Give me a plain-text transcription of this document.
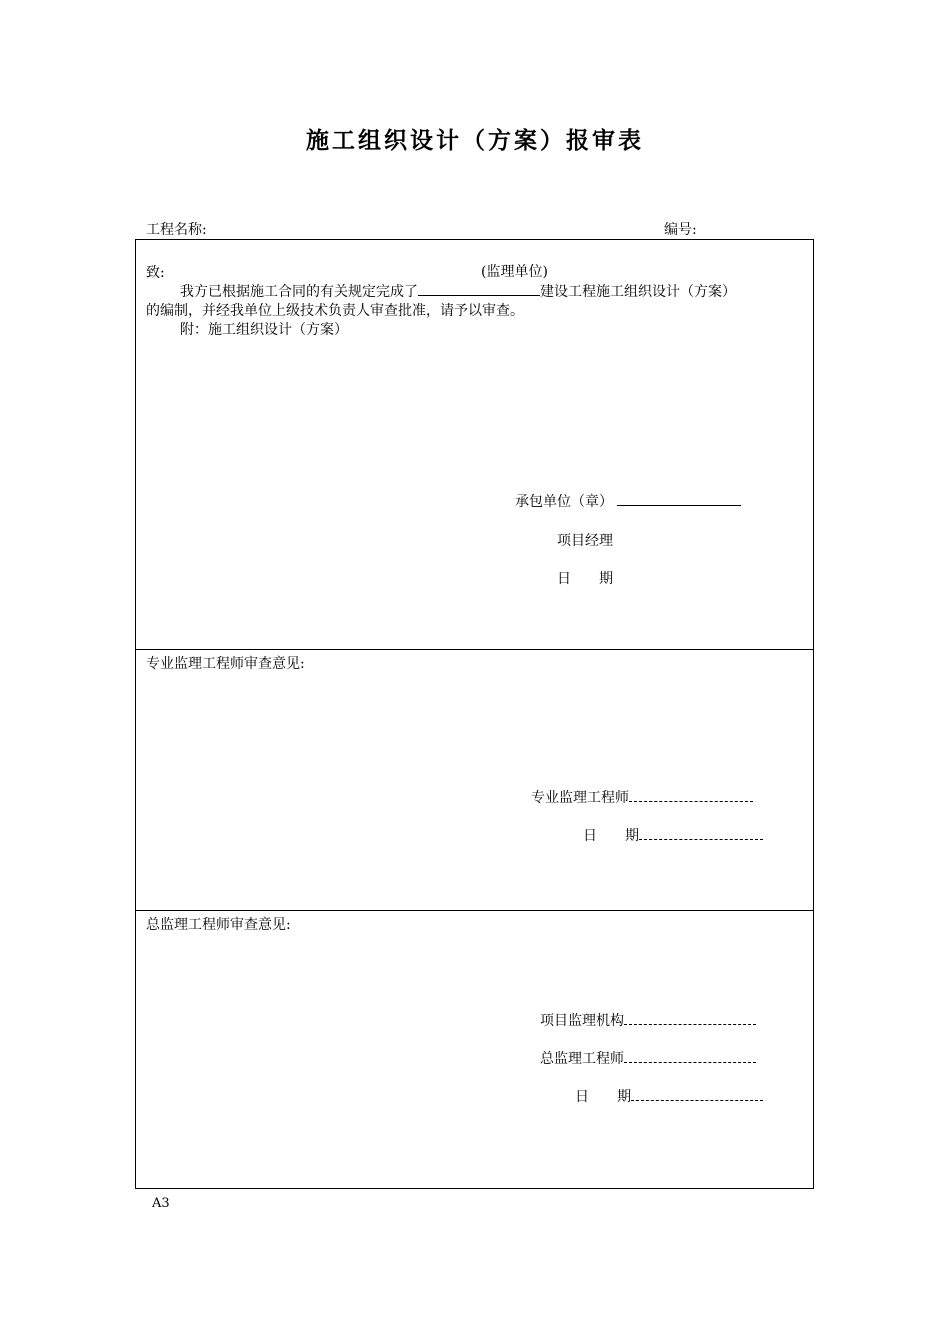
施工组织设计（方案）报审表
工程名称:	编号:
致:	(监理单位)
我方已根据施工合同的有关规定完成了	建设工程施工组织设计（方案）
的编制，并经我单位上级技术负责人审查批准，请予以审查。
附：施工组织设计（方案）
承包单位（章）
项目经理
日　　期
专业监理工程师审查意见:
专业监理工程师
日　　期
总监理工程师审查意见:
项目监理机构
总监理工程师
日　　期
A3
